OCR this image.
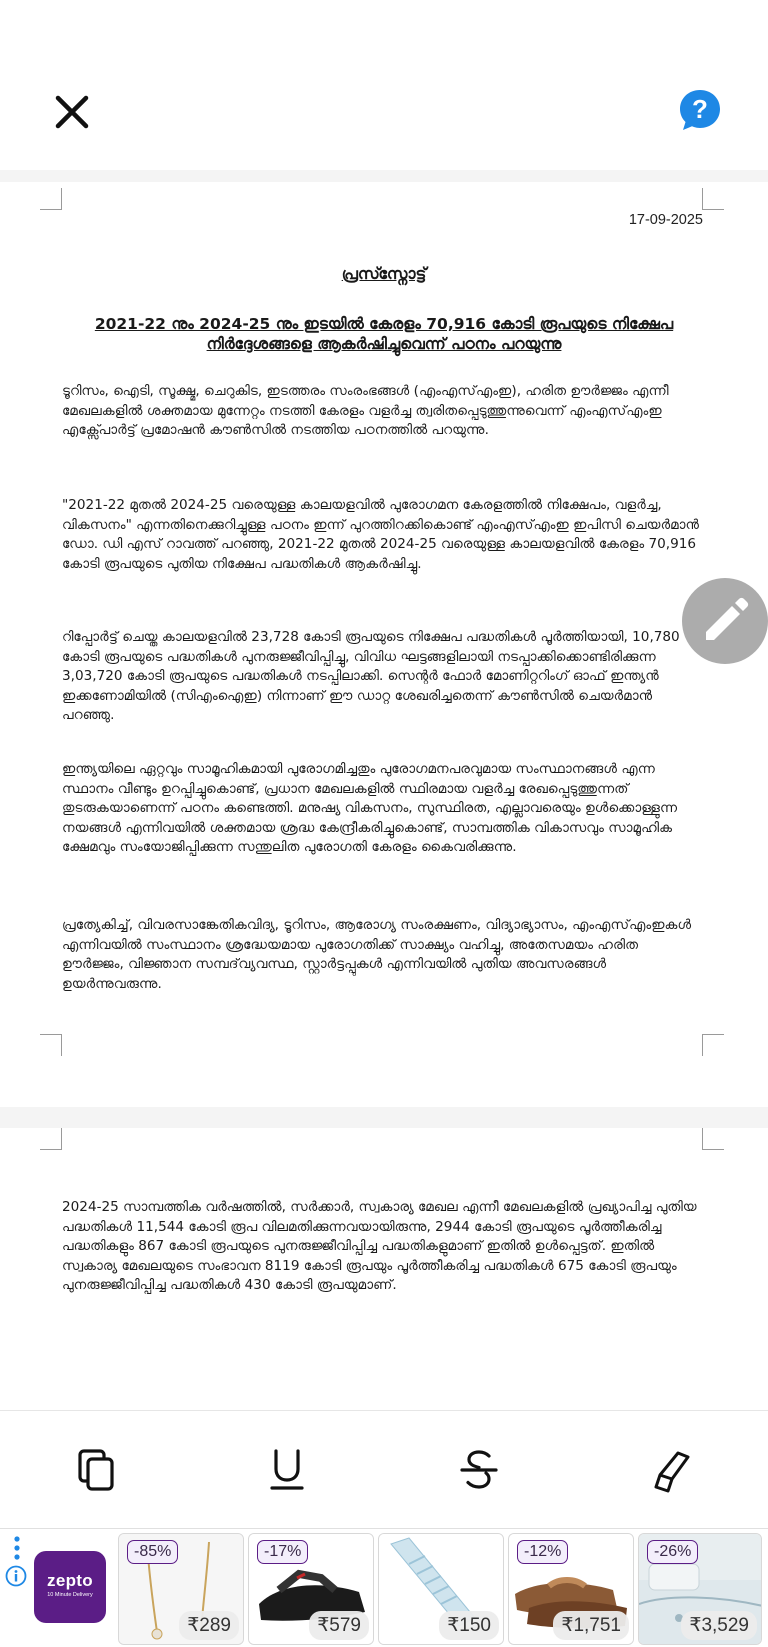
?
17-09-2025
പ്രസ്സ്നോട്ട്
2021-22 നും 2024-25 നും ഇടയിൽ കേരളം 70,916 കോടി രൂപയുടെ നിക്ഷേപ നിർദ്ദേശങ്ങളെ ആകർഷിച്ചുവെന്ന് പഠനം പറയുന്നു
ടൂറിസം, ഐടി, സൂക്ഷ്മ, ചെറുകിട, ഇടത്തരം സംരംഭങ്ങൾ (എംഎസ്എംഇ), ഹരിത ഊർജ്ജം എന്നീ മേഖലകളിൽ ശക്തമായ മുന്നേറ്റം നടത്തി കേരളം വളർച്ച ത്വരിതപ്പെടുത്തുന്നുവെന്ന് എംഎസ്എംഇ എക്സ്പോർട്ട് പ്രമോഷൻ കൗൺസിൽ നടത്തിയ പഠനത്തിൽ പറയുന്നു.
"2021-22 മുതൽ 2024-25 വരെയുള്ള കാലയളവിൽ പുരോഗമന കേരളത്തിൽ നിക്ഷേപം, വളർച്ച, വികസനം" എന്നതിനെക്കുറിച്ചുള്ള പഠനം ഇന്ന് പുറത്തിറക്കികൊണ്ട് എംഎസ്എംഇ ഇപിസി ചെയർമാൻ ഡോ. ഡി എസ് റാവത്ത് പറഞ്ഞു, 2021-22 മുതൽ 2024-25 വരെയുള്ള കാലയളവിൽ കേരളം 70,916 കോടി രൂപയുടെ പുതിയ നിക്ഷേപ പദ്ധതികൾ ആകർഷിച്ചു.
റിപ്പോർട്ട് ചെയ്ത കാലയളവിൽ 23,728 കോടി രൂപയുടെ നിക്ഷേപ പദ്ധതികൾ പൂർത്തിയായി, 10,780 കോടി രൂപയുടെ പദ്ധതികൾ പുനരുജ്ജീവിപ്പിച്ചു, വിവിധ ഘട്ടങ്ങളിലായി നടപ്പാക്കിക്കൊണ്ടിരിക്കുന്ന 3,03,720 കോടി രൂപയുടെ പദ്ധതികൾ നടപ്പിലാക്കി. സെന്റർ ഫോർ മോണിറ്ററിംഗ് ഓഫ് ഇന്ത്യൻ ഇക്കണോമിയിൽ (സിഎംഐഇ) നിന്നാണ് ഈ ഡാറ്റ ശേഖരിച്ചതെന്ന് കൗൺസിൽ ചെയർമാൻ പറഞ്ഞു.
ഇന്ത്യയിലെ ഏറ്റവും സാമൂഹികമായി പുരോഗമിച്ചതും പുരോഗമനപരവുമായ സംസ്ഥാനങ്ങൾ എന്ന സ്ഥാനം വീണ്ടും ഉറപ്പിച്ചുകൊണ്ട്, പ്രധാന മേഖലകളിൽ സ്ഥിരമായ വളർച്ച രേഖപ്പെടുത്തുന്നത് തുടരുകയാണെന്ന് പഠനം കണ്ടെത്തി. മനുഷ്യ വികസനം, സുസ്ഥിരത, എല്ലാവരെയും ഉൾക്കൊള്ളുന്ന നയങ്ങൾ എന്നിവയിൽ ശക്തമായ ശ്രദ്ധ കേന്ദ്രീകരിച്ചുകൊണ്ട്, സാമ്പത്തിക വികാസവും സാമൂഹിക ക്ഷേമവും സംയോജിപ്പിക്കുന്ന സന്തുലിത പുരോഗതി കേരളം കൈവരിക്കുന്നു.
പ്രത്യേകിച്ച്, വിവരസാങ്കേതികവിദ്യ, ടൂറിസം, ആരോഗ്യ സംരക്ഷണം, വിദ്യാഭ്യാസം, എംഎസ്എംഇകൾ എന്നിവയിൽ സംസ്ഥാനം ശ്രദ്ധേയമായ പുരോഗതിക്ക് സാക്ഷ്യം വഹിച്ചു, അതേസമയം ഹരിത ഊർജ്ജം, വിജ്ഞാന സമ്പദ്‌വ്യവസ്ഥ, സ്റ്റാർട്ടപ്പുകൾ എന്നിവയിൽ പുതിയ അവസരങ്ങൾ ഉയർന്നുവരുന്നു.
2024-25 സാമ്പത്തിക വർഷത്തിൽ, സർക്കാർ, സ്വകാര്യ മേഖല എന്നീ മേഖലകളിൽ പ്രഖ്യാപിച്ച പുതിയ പദ്ധതികൾ 11,544 കോടി രൂപ വിലമതിക്കുന്നവയായിരുന്നു, 2944 കോടി രൂപയുടെ പൂർത്തീകരിച്ച പദ്ധതികളും 867 കോടി രൂപയുടെ പുനരുജ്ജീവിപ്പിച്ച പദ്ധതികളുമാണ് ഇതിൽ ഉൾപ്പെട്ടത്. ഇതിൽ സ്വകാര്യ മേഖലയുടെ സംഭാവന 8119 കോടി രൂപയും പൂർത്തീകരിച്ച പദ്ധതികൾ 675 കോടി രൂപയും പുനരുജ്ജീവിപ്പിച്ച പദ്ധതികൾ 430 കോടി രൂപയുമാണ്.
zepto
10 Minute Delivery
-85%
₹289
-17%
₹579	₹150
-12%
₹1,751
-26%
₹3,529
